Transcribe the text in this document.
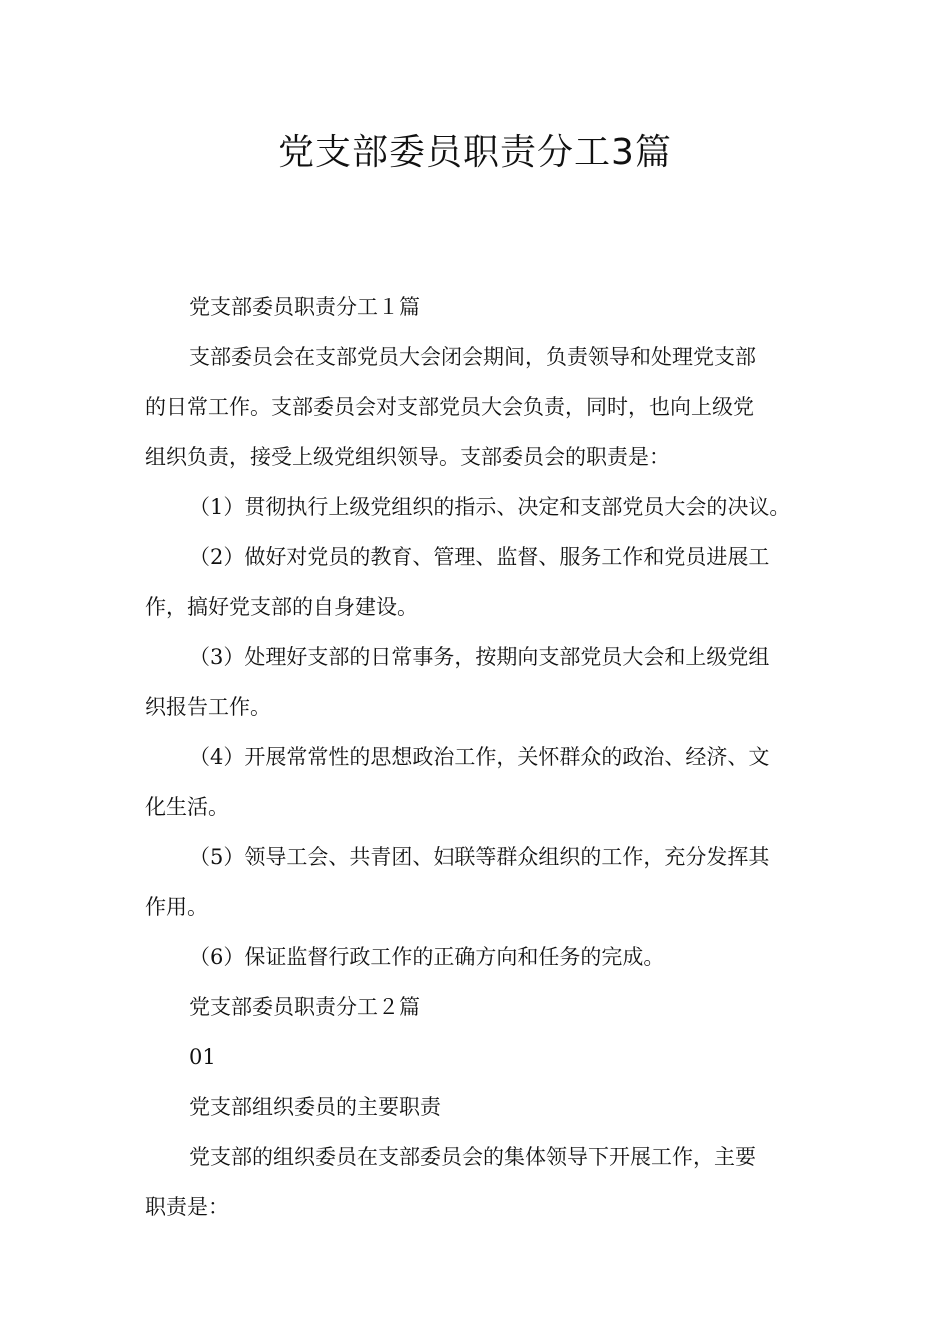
党支部委员职责分工3篇

党支部委员职责分工１篇

支部委员会在支部党员大会闭会期间，负责领导和处理党支部
的日常工作。支部委员会对支部党员大会负责，同时，也向上级党
组织负责，接受上级党组织领导。支部委员会的职责是：

（1）贯彻执行上级党组织的指示、决定和支部党员大会的决议。

（2）做好对党员的教育、管理、监督、服务工作和党员进展工
作，搞好党支部的自身建设。

（3）处理好支部的日常事务，按期向支部党员大会和上级党组
织报告工作。

（4）开展常常性的思想政治工作，关怀群众的政治、经济、文
化生活。

（5）领导工会、共青团、妇联等群众组织的工作，充分发挥其
作用。

（6）保证监督行政工作的正确方向和任务的完成。

党支部委员职责分工２篇

01

党支部组织委员的主要职责

党支部的组织委员在支部委员会的集体领导下开展工作，主要
职责是：
